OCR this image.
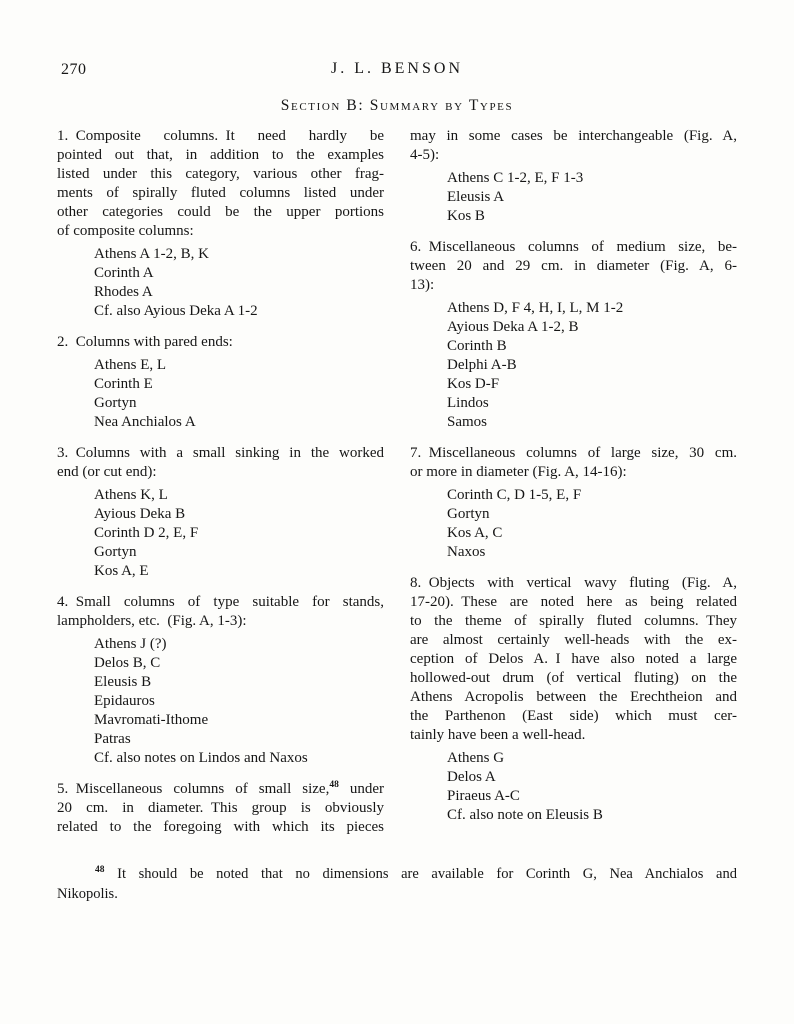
270	J. L. BENSON
Section B: Summary by Types
1. Composite columns. It need hardly be
pointed out that, in addition to the examples
listed under this category, various other frag-
ments of spirally fluted columns listed under
other categories could be the upper portions
of composite columns:
Athens A 1-2, B, K
Corinth A
Rhodes A
Cf. also Ayious Deka A 1-2
2. Columns with pared ends:
Athens E, L
Corinth E
Gortyn
Nea Anchialos A
3. Columns with a small sinking in the worked
end (or cut end):
Athens K, L
Ayious Deka B
Corinth D 2, E, F
Gortyn
Kos A, E
4. Small columns of type suitable for stands,
lampholders, etc. (Fig. A, 1-3):
Athens J (?)
Delos B, C
Eleusis B
Epidauros
Mavromati-Ithome
Patras
Cf. also notes on Lindos and Naxos
5. Miscellaneous columns of small size,$^{48}$ under
20 cm. in diameter. This group is obviously
related to the foregoing with which its pieces
may in some cases be interchangeable (Fig. A,
4-5):
Athens C 1-2, E, F 1-3
Eleusis A
Kos B
6. Miscellaneous columns of medium size, be-
tween 20 and 29 cm. in diameter (Fig. A, 6-
13):
Athens D, F 4, H, I, L, M 1-2
Ayious Deka A 1-2, B
Corinth B
Delphi A-B
Kos D-F
Lindos
Samos
7. Miscellaneous columns of large size, 30 cm.
or more in diameter (Fig. A, 14-16):
Corinth C, D 1-5, E, F
Gortyn
Kos A, C
Naxos
8. Objects with vertical wavy fluting (Fig. A,
17-20). These are noted here as being related
to the theme of spirally fluted columns. They
are almost certainly well-heads with the ex-
ception of Delos A. I have also noted a large
hollowed-out drum (of vertical fluting) on the
Athens Acropolis between the Erechtheion and
the Parthenon (East side) which must cer-
tainly have been a well-head.
Athens G
Delos A
Piraeus A-C
Cf. also note on Eleusis B
$^{48}$ It should be noted that no dimensions are available for Corinth G, Nea Anchialos and
Nikopolis.
